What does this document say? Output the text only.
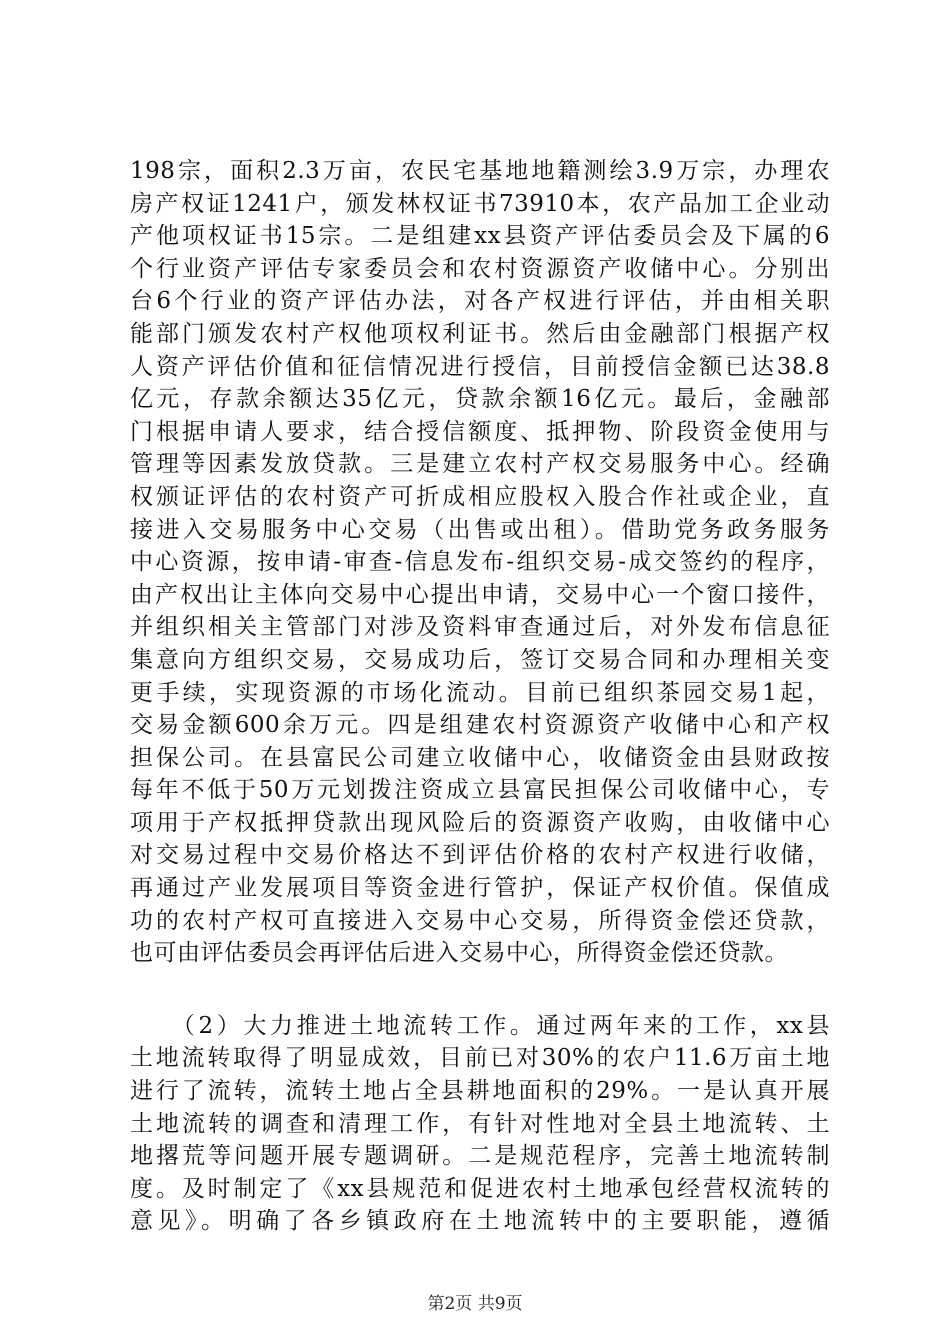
198宗，面积2.3万亩，农民宅基地地籍测绘3.9万宗，办理农
房产权证1241户，颁发林权证书73910本，农产品加工企业动
产他项权证书15宗。二是组建xx县资产评估委员会及下属的6
个行业资产评估专家委员会和农村资源资产收储中心。分别出
台6个行业的资产评估办法，对各产权进行评估，并由相关职
能部门颁发农村产权他项权利证书。然后由金融部门根据产权
人资产评估价值和征信情况进行授信，目前授信金额已达38.8
亿元，存款余额达35亿元，贷款余额16亿元。最后，金融部
门根据申请人要求，结合授信额度、抵押物、阶段资金使用与
管理等因素发放贷款。三是建立农村产权交易服务中心。经确
权颁证评估的农村资产可折成相应股权入股合作社或企业，直
接进入交易服务中心交易（出售或出租）。借助党务政务服务
中心资源，按申请-审查-信息发布-组织交易-成交签约的程序，
由产权出让主体向交易中心提出申请，交易中心一个窗口接件，
并组织相关主管部门对涉及资料审查通过后，对外发布信息征
集意向方组织交易，交易成功后，签订交易合同和办理相关变
更手续，实现资源的市场化流动。目前已组织茶园交易1起，
交易金额600余万元。四是组建农村资源资产收储中心和产权
担保公司。在县富民公司建立收储中心，收储资金由县财政按
每年不低于50万元划拨注资成立县富民担保公司收储中心，专
项用于产权抵押贷款出现风险后的资源资产收购，由收储中心
对交易过程中交易价格达不到评估价格的农村产权进行收储，
再通过产业发展项目等资金进行管护，保证产权价值。保值成
功的农村产权可直接进入交易中心交易，所得资金偿还贷款，
也可由评估委员会再评估后进入交易中心，所得资金偿还贷款。
　　（2）大力推进土地流转工作。通过两年来的工作，xx县
土地流转取得了明显成效，目前已对30%的农户11.6万亩土地
进行了流转，流转土地占全县耕地面积的29%。一是认真开展
土地流转的调查和清理工作，有针对性地对全县土地流转、土
地撂荒等问题开展专题调研。二是规范程序，完善土地流转制
度。及时制定了《xx县规范和促进农村土地承包经营权流转的
意见》。明确了各乡镇政府在土地流转中的主要职能，遵循
第2页 共9页
